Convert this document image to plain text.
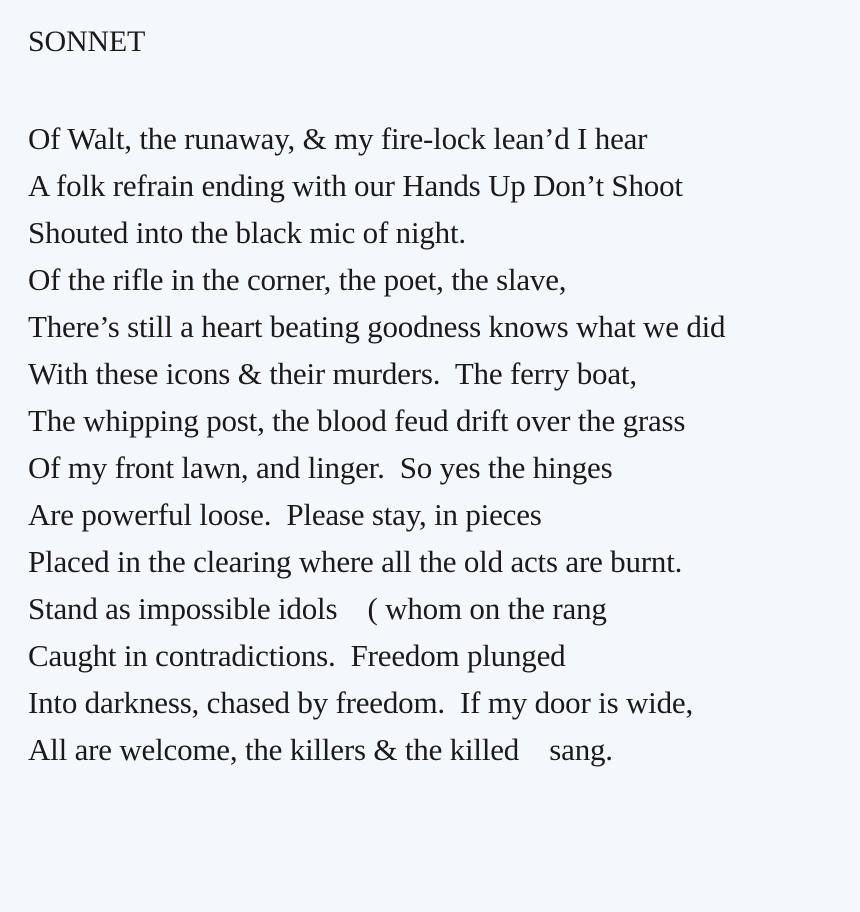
SONNET
Of Walt, the runaway, & my fire-lock lean’d I hear
A folk refrain ending with our Hands Up Don’t Shoot
Shouted into the black mic of night.
Of the rifle in the corner, the poet, the slave,
There’s still a heart beating goodness knows what we did
With these icons & their murders.  The ferry boat,
The whipping post, the blood feud drift over the grass
Of my front lawn, and linger.  So yes the hinges
Are powerful loose.  Please stay, in pieces
Placed in the clearing where all the old acts are burnt.
Stand as impossible idols    ( whom on the rang
Caught in contradictions.  Freedom plunged
Into darkness, chased by freedom.  If my door is wide,
All are welcome, the killers & the killed    sang.
